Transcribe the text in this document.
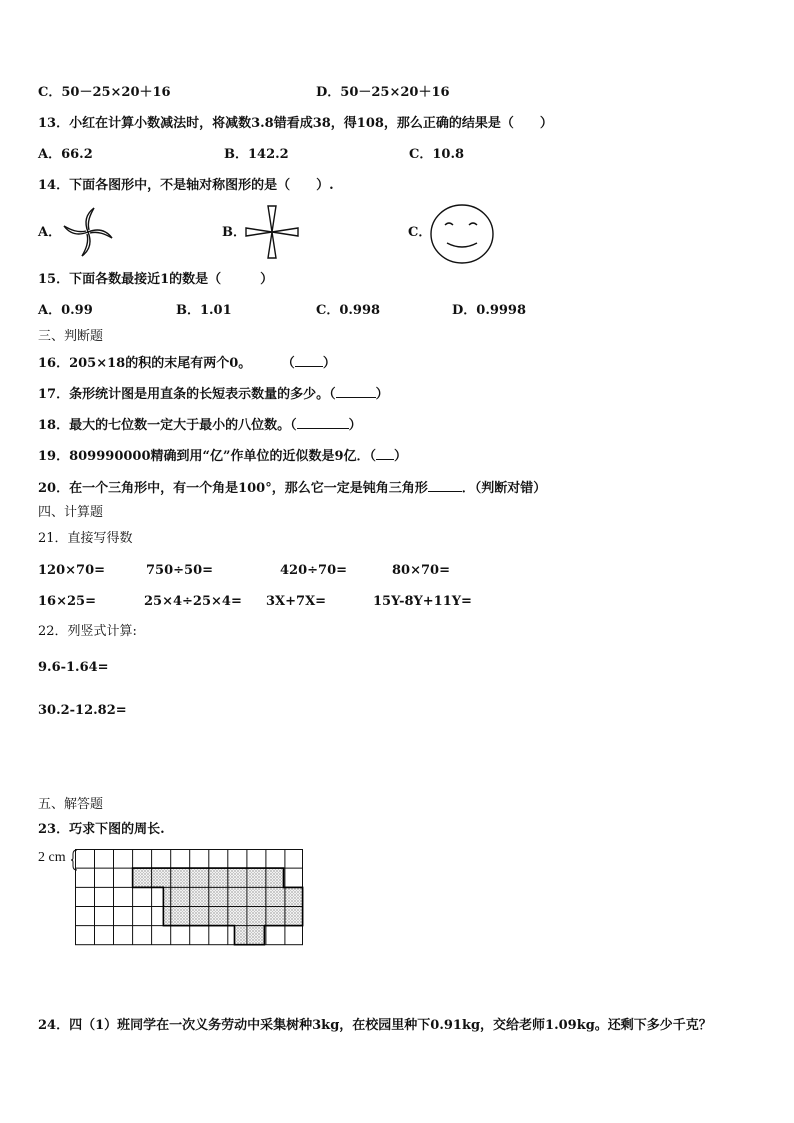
C．50－25×20＋16	D．50－25×20＋16
13．小红在计算小数减法时，将减数3.8错看成38，得108，那么正确的结果是（　　）
A．66.2	B．142.2	C．10.8
14．下面各图形中，不是轴对称图形的是（　　）.
A．	B．	C．
15．下面各数最接近1的数是（　　　）
A．0.99	B．1.01	C．0.998	D．0.9998
三、判断题
16．205×18的积的末尾有两个0。 （ ）
17．条形统计图是用直条的长短表示数量的多少。（	）
18．最大的七位数一定大于最小的八位数。（	）
19．809990000精确到用“亿”作单位的近似数是9亿．（ ）
20．在一个三角形中，有一个角是100°，那么它一定是钝角三角形	．（判断对错）
四、计算题
21．直接写得数
120×70=	750÷50=	420÷70=	80×70=
16×25=	25×4÷25×4= 3X+7X=	15Y-8Y+11Y=
22．列竖式计算:
9.6-1.64=
30.2-12.82=
五、解答题
23．巧求下图的周长.
2 cm
24．四（1）班同学在一次义务劳动中采集树种3kg，在校园里种下0.91kg，交给老师1.09kg。还剩下多少千克？
